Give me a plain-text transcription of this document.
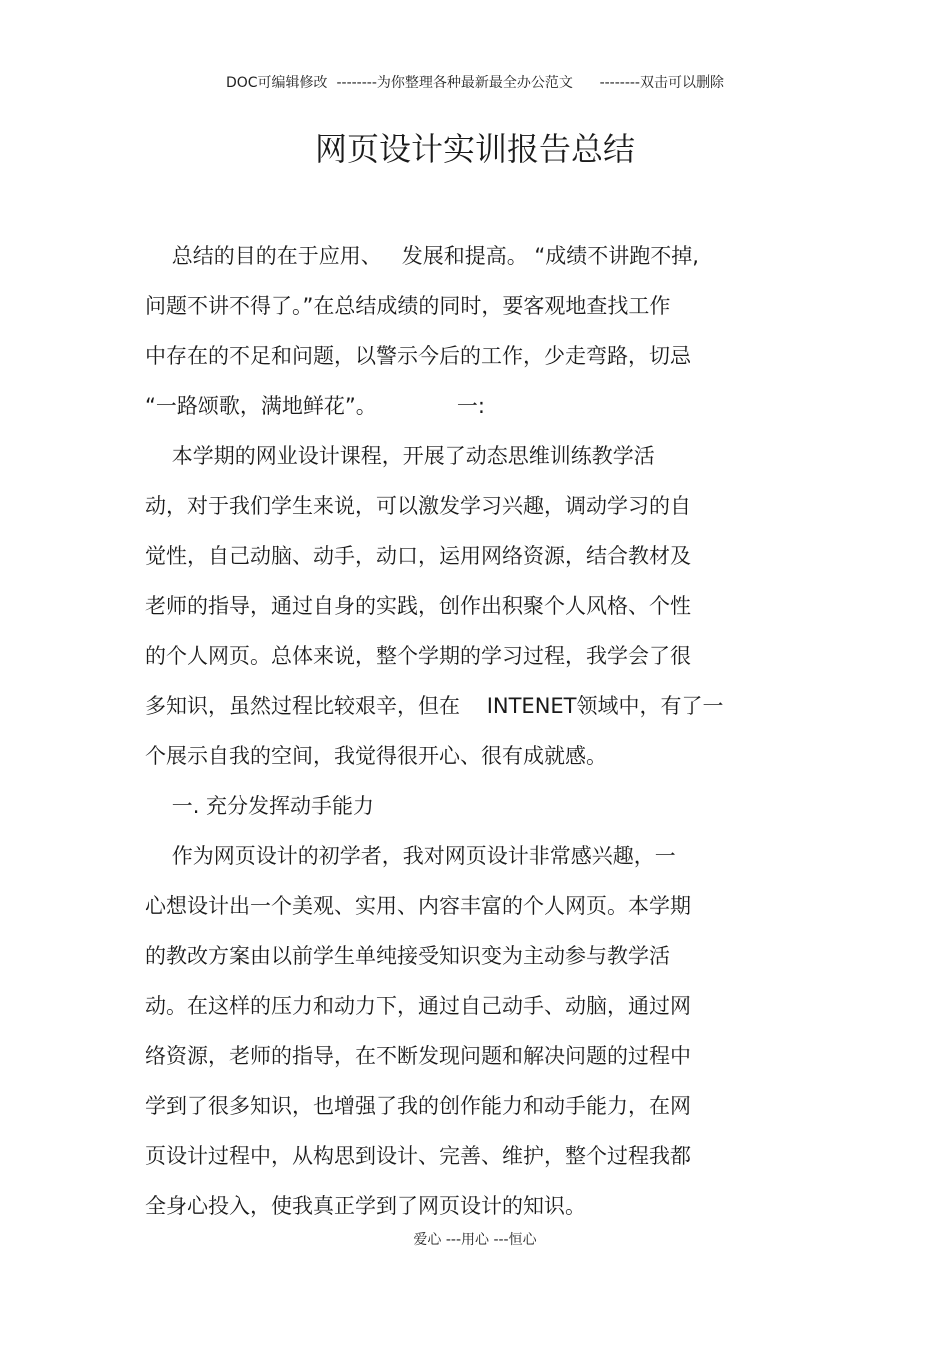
DOC可编辑修改  --------为你整理各种最新最全办公范文      --------双击可以删除
网页设计实训报告总结
总结的目的在于应用、   发展和提高。 “成绩不讲跑不掉,
问题不讲不得了。”在总结成绩的同时，要客观地查找工作
中存在的不足和问题，以警示今后的工作，少走弯路，切忌
“一路颂歌，满地鲜花”。            一:
本学期的网业设计课程，开展了动态思维训练教学活
动，对于我们学生来说，可以激发学习兴趣，调动学习的自
觉性，自己动脑、动手，动口，运用网络资源，结合教材及
老师的指导，通过自身的实践，创作出积聚个人风格、个性
的个人网页。总体来说，整个学期的学习过程，我学会了很
多知识，虽然过程比较艰辛，但在    INTENET领域中，有了一
个展示自我的空间，我觉得很开心、很有成就感。
一. 充分发挥动手能力
作为网页设计的初学者，我对网页设计非常感兴趣，一
心想设计出一个美观、实用、内容丰富的个人网页。本学期
的教改方案由以前学生单纯接受知识变为主动参与教学活
动。在这样的压力和动力下，通过自己动手、动脑，通过网
络资源，老师的指导，在不断发现问题和解决问题的过程中
学到了很多知识，也增强了我的创作能力和动手能力，在网
页设计过程中，从构思到设计、完善、维护，整个过程我都
全身心投入，使我真正学到了网页设计的知识。
爱心 ---用心 ---恒心
